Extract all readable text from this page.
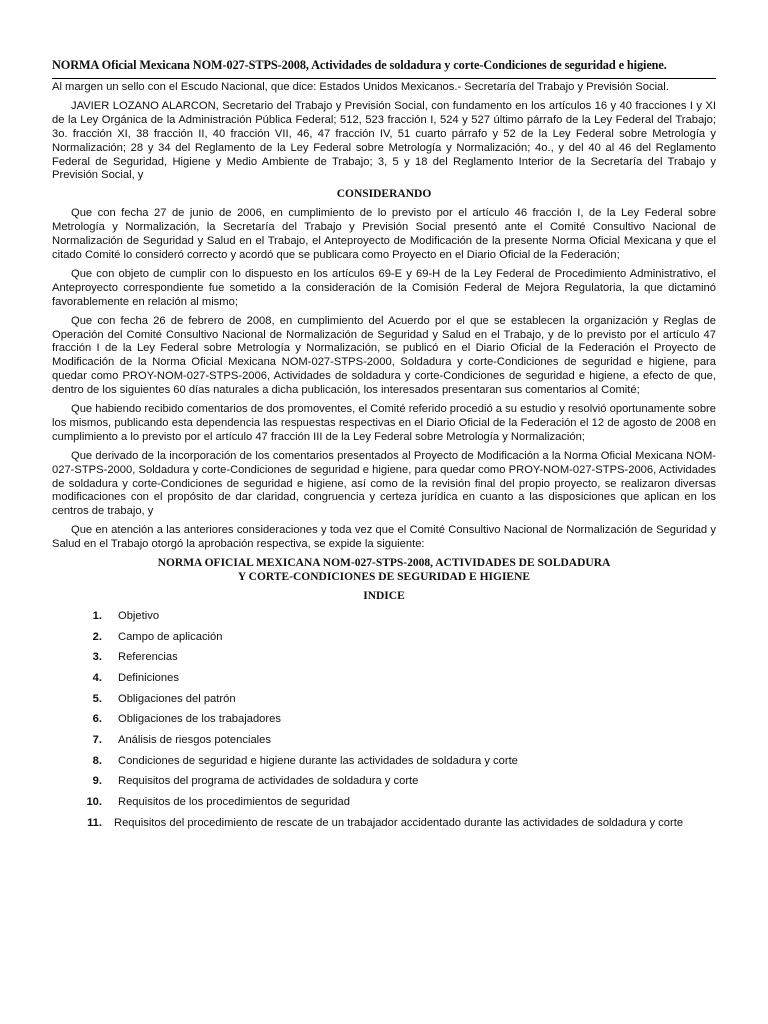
NORMA Oficial Mexicana NOM-027-STPS-2008, Actividades de soldadura y corte-Condiciones de seguridad e higiene.

Al margen un sello con el Escudo Nacional, que dice: Estados Unidos Mexicanos.- Secretaría del Trabajo y Previsión Social.

JAVIER LOZANO ALARCON, Secretario del Trabajo y Previsión Social, con fundamento en los artículos 16 y 40 fracciones I y XI de la Ley Orgánica de la Administración Pública Federal; 512, 523 fracción I, 524 y 527 último párrafo de la Ley Federal del Trabajo; 3o. fracción XI, 38 fracción II, 40 fracción VII, 46, 47 fracción IV, 51 cuarto párrafo y 52 de la Ley Federal sobre Metrología y Normalización; 28 y 34 del Reglamento de la Ley Federal sobre Metrología y Normalización; 4o., y del 40 al 46 del Reglamento Federal de Seguridad, Higiene y Medio Ambiente de Trabajo; 3, 5 y 18 del Reglamento Interior de la Secretaría del Trabajo y Previsión Social, y

CONSIDERANDO

Que con fecha 27 de junio de 2006, en cumplimiento de lo previsto por el artículo 46 fracción I, de la Ley Federal sobre Metrología y Normalización, la Secretaría del Trabajo y Previsión Social presentó ante el Comité Consultivo Nacional de Normalización de Seguridad y Salud en el Trabajo, el Anteproyecto de Modificación de la presente Norma Oficial Mexicana y que el citado Comité lo consideró correcto y acordó que se publicara como Proyecto en el Diario Oficial de la Federación;

Que con objeto de cumplir con lo dispuesto en los artículos 69-E y 69-H de la Ley Federal de Procedimiento Administrativo, el Anteproyecto correspondiente fue sometido a la consideración de la Comisión Federal de Mejora Regulatoria, la que dictaminó favorablemente en relación al mismo;

Que con fecha 26 de febrero de 2008, en cumplimiento del Acuerdo por el que se establecen la organización y Reglas de Operación del Comité Consultivo Nacional de Normalización de Seguridad y Salud en el Trabajo, y de lo previsto por el artículo 47 fracción I de la Ley Federal sobre Metrología y Normalización, se publicó en el Diario Oficial de la Federación el Proyecto de Modificación de la Norma Oficial Mexicana NOM-027-STPS-2000, Soldadura y corte-Condiciones de seguridad e higiene, para quedar como PROY-NOM-027-STPS-2006, Actividades de soldadura y corte-Condiciones de seguridad e higiene, a efecto de que, dentro de los siguientes 60 días naturales a dicha publicación, los interesados presentaran sus comentarios al Comité;

Que habiendo recibido comentarios de dos promoventes, el Comité referido procedió a su estudio y resolvió oportunamente sobre los mismos, publicando esta dependencia las respuestas respectivas en el Diario Oficial de la Federación el 12 de agosto de 2008 en cumplimiento a lo previsto por el artículo 47 fracción III de la Ley Federal sobre Metrología y Normalización;

Que derivado de la incorporación de los comentarios presentados al Proyecto de Modificación a la Norma Oficial Mexicana NOM-027-STPS-2000, Soldadura y corte-Condiciones de seguridad e higiene, para quedar como PROY-NOM-027-STPS-2006, Actividades de soldadura y corte-Condiciones de seguridad e higiene, así como de la revisión final del propio proyecto, se realizaron diversas modificaciones con el propósito de dar claridad, congruencia y certeza jurídica en cuanto a las disposiciones que aplican en los centros de trabajo, y

Que en atención a las anteriores consideraciones y toda vez que el Comité Consultivo Nacional de Normalización de Seguridad y Salud en el Trabajo otorgó la aprobación respectiva, se expide la siguiente:

NORMA OFICIAL MEXICANA NOM-027-STPS-2008, ACTIVIDADES DE SOLDADURA
Y CORTE-CONDICIONES DE SEGURIDAD E HIGIENE
INDICE
1. Objetivo
2. Campo de aplicación
3. Referencias
4. Definiciones
5. Obligaciones del patrón
6. Obligaciones de los trabajadores
7. Análisis de riesgos potenciales
8. Condiciones de seguridad e higiene durante las actividades de soldadura y corte
9. Requisitos del programa de actividades de soldadura y corte
10. Requisitos de los procedimientos de seguridad
11. Requisitos del procedimiento de rescate de un trabajador accidentado durante las actividades de soldadura y corte
